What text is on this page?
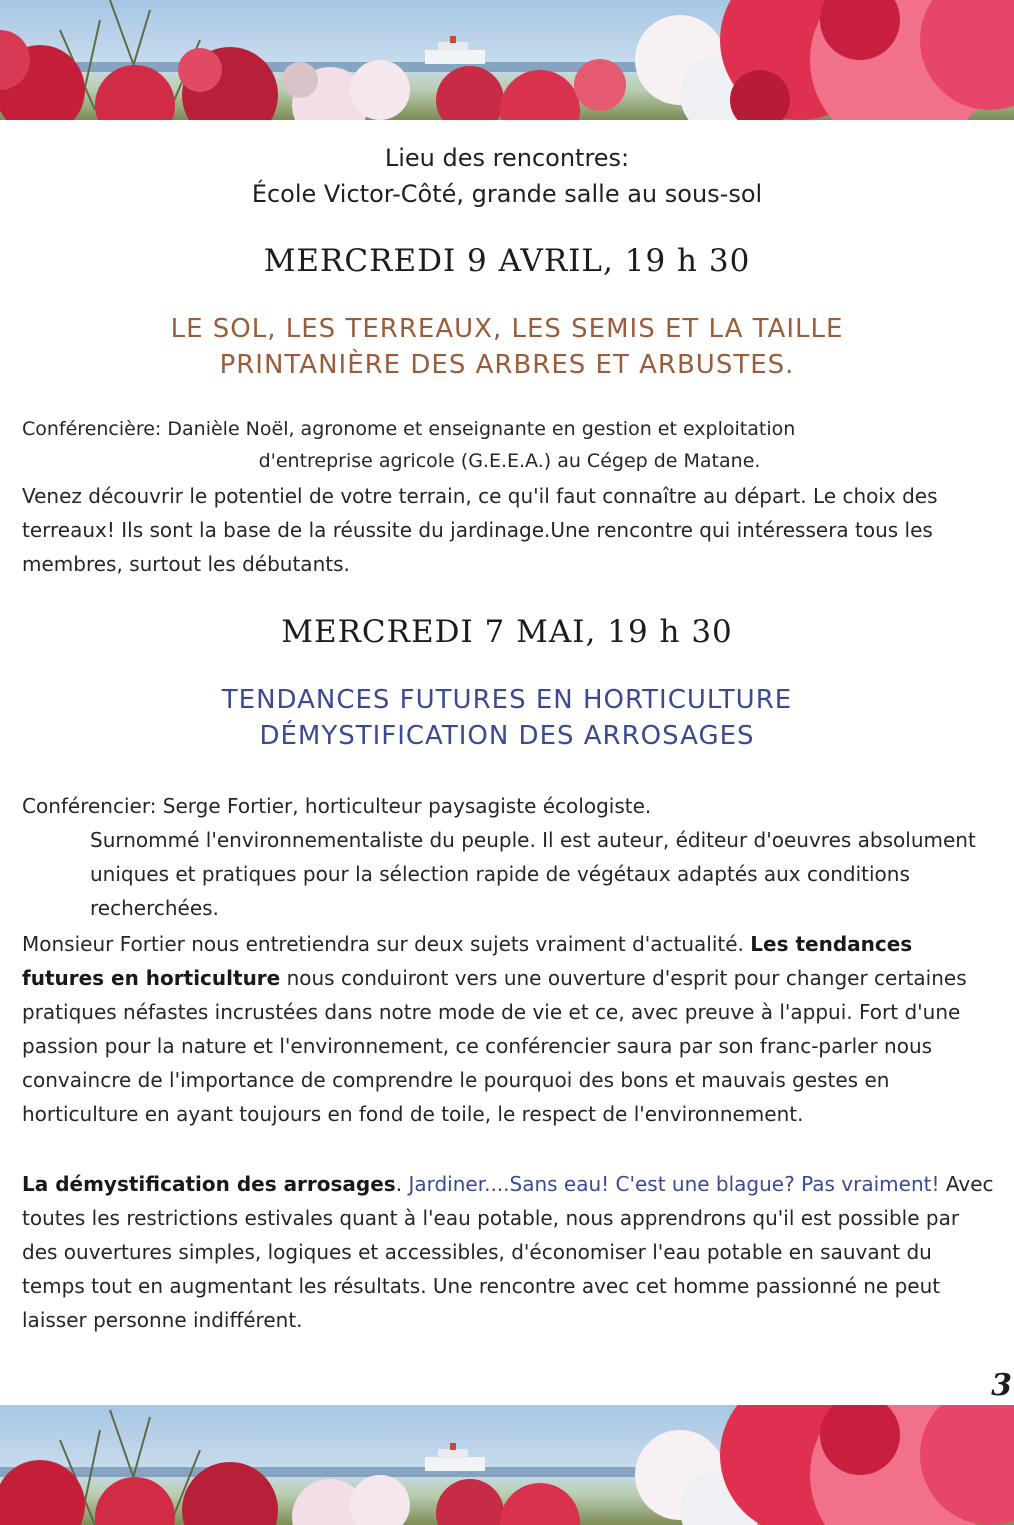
Lieu des rencontres:
École Victor-Côté, grande salle au sous-sol
MERCREDI 9 AVRIL, 19 h 30
LE SOL, LES TERREAUX, LES SEMIS ET LA TAILLE
PRINTANIÈRE DES ARBRES ET ARBUSTES.
Conférencière: Danièle Noël, agronome et enseignante en gestion et exploitation
d'entreprise agricole (G.E.E.A.) au Cégep de Matane.
Venez découvrir le potentiel de votre terrain, ce qu'il faut connaître au départ. Le choix des terreaux! Ils sont la base de la réussite du jardinage.Une rencontre qui intéressera tous les membres, surtout les débutants.
MERCREDI 7 MAI, 19 h 30
TENDANCES FUTURES EN HORTICULTURE
DÉMYSTIFICATION DES ARROSAGES
Conférencier: Serge Fortier, horticulteur paysagiste écologiste.
Surnommé l'environnementaliste du peuple. Il est auteur, éditeur d'oeuvres absolument uniques et pratiques pour la sélection rapide de végétaux adaptés aux conditions recherchées.
Monsieur Fortier nous entretiendra sur deux sujets vraiment d'actualité. Les tendances futures en horticulture nous conduiront vers une ouverture d'esprit pour changer certaines pratiques néfastes incrustées dans notre mode de vie et ce, avec preuve à l'appui. Fort d'une passion pour la nature et l'environnement, ce conférencier saura par son franc-parler nous convaincre de l'importance de comprendre le pourquoi des bons et mauvais gestes en horticulture en ayant toujours en fond de toile, le respect de l'environnement.
La démystification des arrosages. Jardiner....Sans eau! C'est une blague? Pas vraiment! Avec toutes les restrictions estivales quant à l'eau potable, nous apprendrons qu'il est possible par des ouvertures simples, logiques et accessibles, d'économiser l'eau potable en sauvant du temps tout en augmentant les résultats. Une rencontre avec cet homme passionné ne peut laisser personne indifférent.
3
